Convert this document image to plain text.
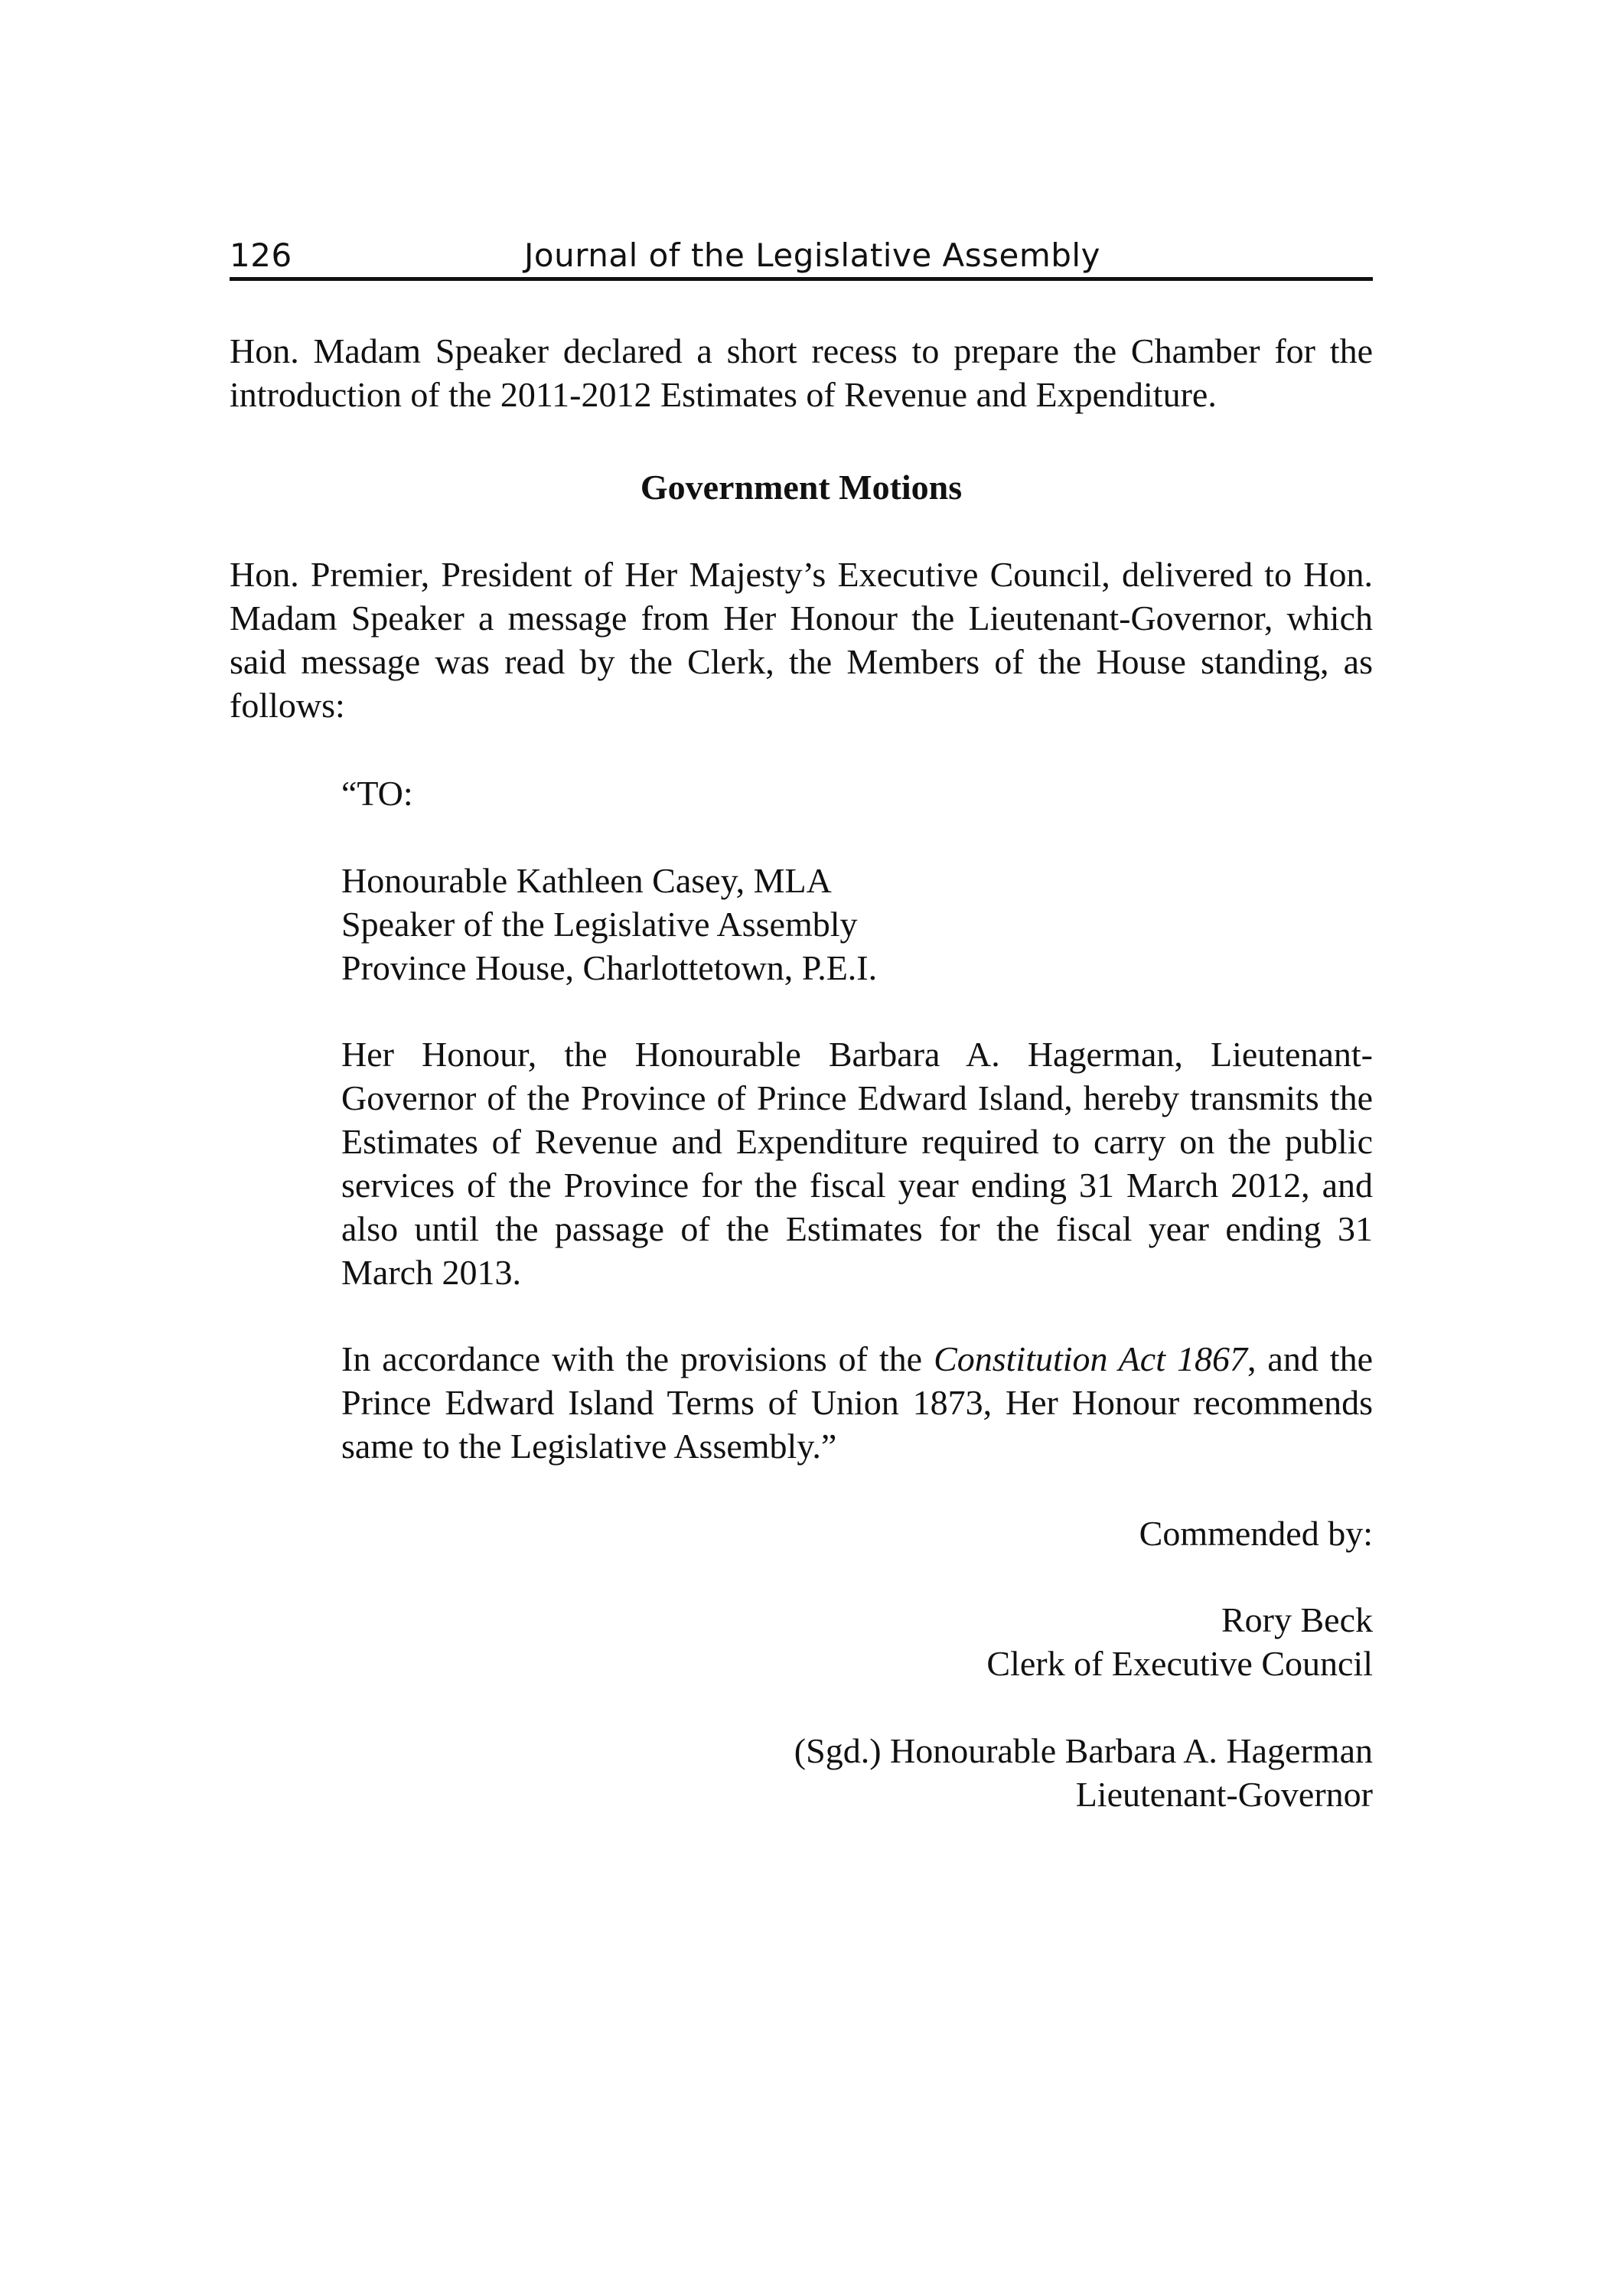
126	Journal of the Legislative Assembly

Hon. Madam Speaker declared a short recess to prepare the Chamber for the introduction of the 2011-2012 Estimates of Revenue and Expenditure.

Government Motions

Hon. Premier, President of Her Majesty’s Executive Council, delivered to Hon. Madam Speaker a message from Her Honour the Lieutenant-Governor, which said message was read by the Clerk, the Members of the House standing, as follows:

“TO:

Honourable Kathleen Casey, MLA
Speaker of the Legislative Assembly
Province House, Charlottetown, P.E.I.

Her Honour, the Honourable Barbara A. Hagerman, Lieutenant-Governor of the Province of Prince Edward Island, hereby transmits the Estimates of Revenue and Expenditure required to carry on the public services of the Province for the fiscal year ending 31 March 2012, and also until the passage of the Estimates for the fiscal year ending 31 March 2013.

In accordance with the provisions of the Constitution Act 1867, and the Prince Edward Island Terms of Union 1873, Her Honour recommends same to the Legislative Assembly.”

Commended by:

Rory Beck
Clerk of Executive Council

(Sgd.) Honourable Barbara A. Hagerman
Lieutenant-Governor
